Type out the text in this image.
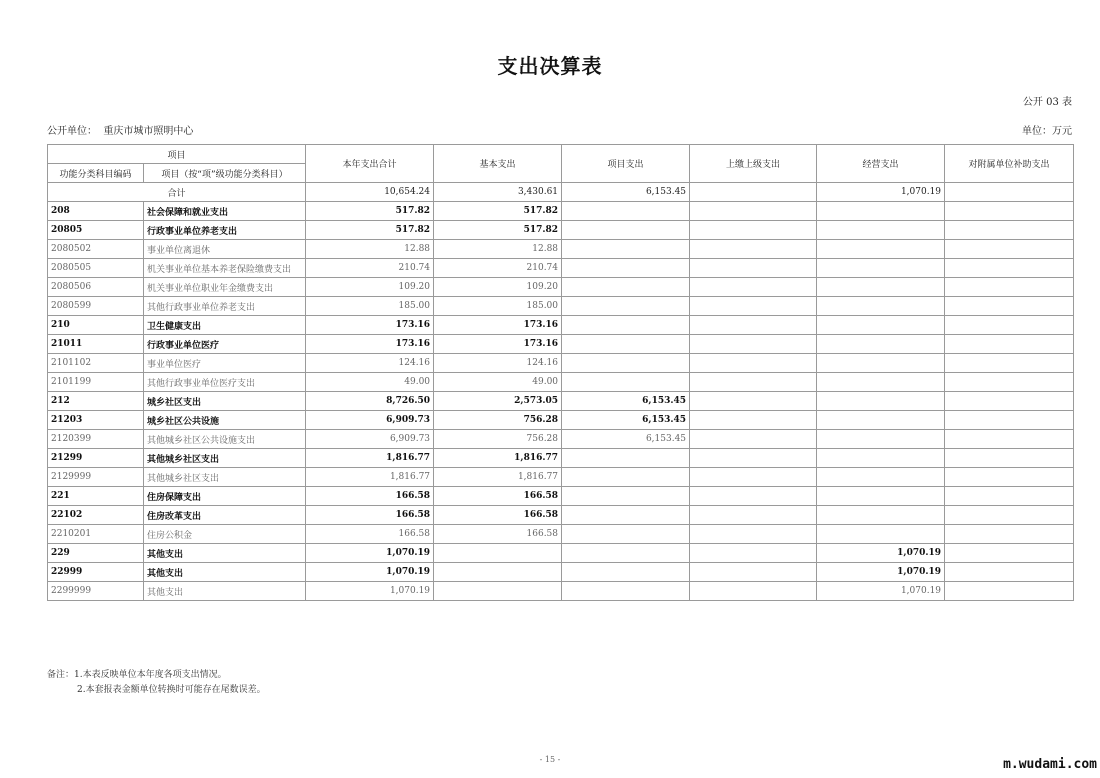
支出决算表
公开 03 表
公开单位： 重庆市城市照明中心	单位：万元
项目		本年支出合计	基本支出	项目支出	上缴上级支出	经营支出	对附属单位补助支出
功能分类科目编码	项目（按“项”级功能分类科目）						
合计		10,654.24	3,430.61	6,153.45		1,070.19	
208	社会保障和就业支出	517.82	517.82				
20805	行政事业单位养老支出	517.82	517.82				
2080502	事业单位离退休	12.88	12.88				
2080505	机关事业单位基本养老保险缴费支出	210.74	210.74				
2080506	机关事业单位职业年金缴费支出	109.20	109.20				
2080599	其他行政事业单位养老支出	185.00	185.00				
210	卫生健康支出	173.16	173.16				
21011	行政事业单位医疗	173.16	173.16				
2101102	事业单位医疗	124.16	124.16				
2101199	其他行政事业单位医疗支出	49.00	49.00				
212	城乡社区支出	8,726.50	2,573.05	6,153.45			
21203	城乡社区公共设施	6,909.73	756.28	6,153.45			
2120399	其他城乡社区公共设施支出	6,909.73	756.28	6,153.45			
21299	其他城乡社区支出	1,816.77	1,816.77				
2129999	其他城乡社区支出	1,816.77	1,816.77				
221	住房保障支出	166.58	166.58				
22102	住房改革支出	166.58	166.58				
2210201	住房公积金	166.58	166.58				
229	其他支出	1,070.19				1,070.19	
22999	其他支出	1,070.19				1,070.19	
2299999	其他支出	1,070.19				1,070.19	
备注：1.本表反映单位本年度各项支出情况。
2.本套报表金额单位转换时可能存在尾数误差。
- 15 -	m.wudami.com
